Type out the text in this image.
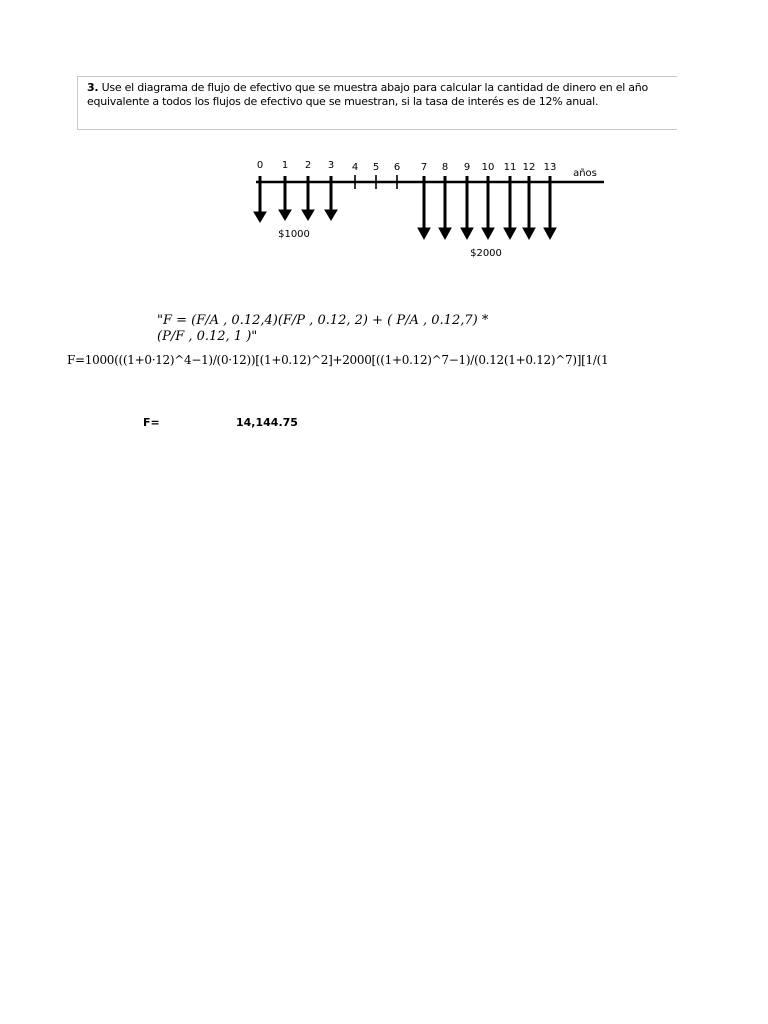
3. Use el diagrama de flujo de efectivo que se muestra abajo para calcular la cantidad de dinero en el año
equivalente a todos los flujos de efectivo que se muestran, si la tasa de interés es de 12% anual.
0 1 2 3 4 5 6 7 8 9 10 11 12 13
años
$1000
$2000
"F = (F/A , 0.12,4)(F/P , 0.12, 2) + ( P/A , 0.12,7) *
(P/F , 0.12, 1 )"
F=1000(((1+0·12)^4−1)/(0·12))[(1+0.12)^2]+2000[((1+0.12)^7−1)/(0.12(1+0.12)^7)][1/(1
F=	14,144.75
